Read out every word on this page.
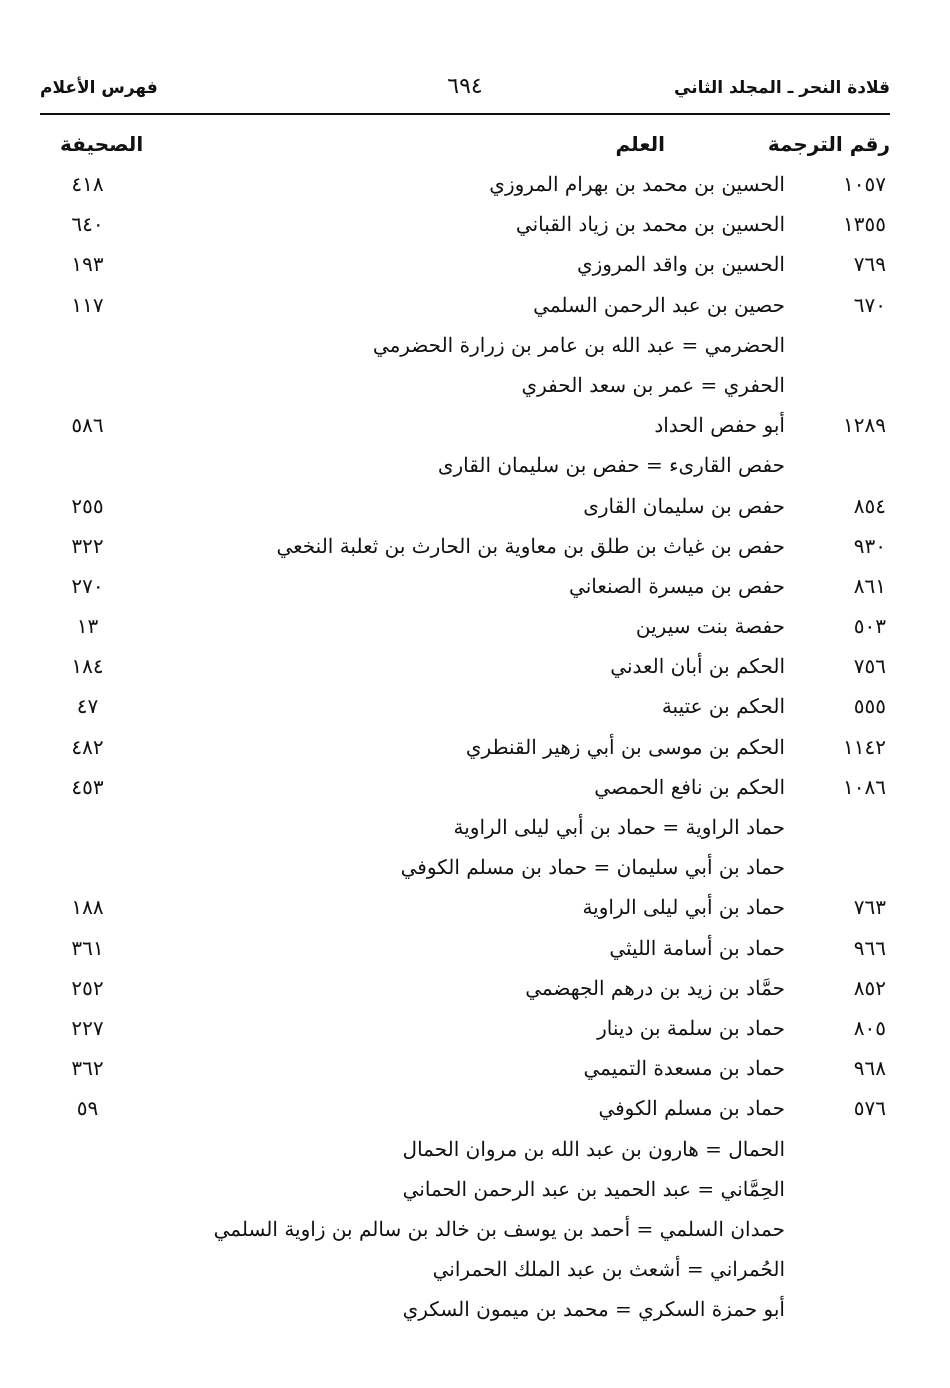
قلادة النحر ـ المجلد الثاني
٦٩٤
فهرس الأعلام
رقم الترجمة
العلم
الصحيفة
١٠٥٧
الحسين بن محمد بن بهرام المروزي
٤١٨
١٣٥٥
الحسين بن محمد بن زياد القباني
٦٤٠
٧٦٩
الحسين بن واقد المروزي
١٩٣
٦٧٠
حصين بن عبد الرحمن السلمي
١١٧
الحضرمي = عبد الله بن عامر بن زرارة الحضرمي
الحفري = عمر بن سعد الحفري
١٢٨٩
أبو حفص الحداد
٥٨٦
حفص القارىء = حفص بن سليمان القارى
٨٥٤
حفص بن سليمان القارى
٢٥٥
٩٣٠
حفص بن غياث بن طلق بن معاوية بن الحارث بن ثعلبة النخعي
٣٢٢
٨٦١
حفص بن ميسرة الصنعاني
٢٧٠
٥٠٣
حفصة بنت سيرين
١٣
٧٥٦
الحكم بن أبان العدني
١٨٤
٥٥٥
الحكم بن عتيبة
٤٧
١١٤٢
الحكم بن موسى بن أبي زهير القنطري
٤٨٢
١٠٨٦
الحكم بن نافع الحمصي
٤٥٣
حماد الراوية = حماد بن أبي ليلى الراوية
حماد بن أبي سليمان = حماد بن مسلم الكوفي
٧٦٣
حماد بن أبي ليلى الراوية
١٨٨
٩٦٦
حماد بن أسامة الليثي
٣٦١
٨٥٢
حمَّاد بن زيد بن درهم الجهضمي
٢٥٢
٨٠٥
حماد بن سلمة بن دينار
٢٢٧
٩٦٨
حماد بن مسعدة التميمي
٣٦٢
٥٧٦
حماد بن مسلم الكوفي
٥٩
الحمال = هارون بن عبد الله بن مروان الحمال
الحِمَّاني = عبد الحميد بن عبد الرحمن الحماني
حمدان السلمي = أحمد بن يوسف بن خالد بن سالم بن زاوية السلمي
الحُمراني = أشعث بن عبد الملك الحمراني
أبو حمزة السكري = محمد بن ميمون السكري
